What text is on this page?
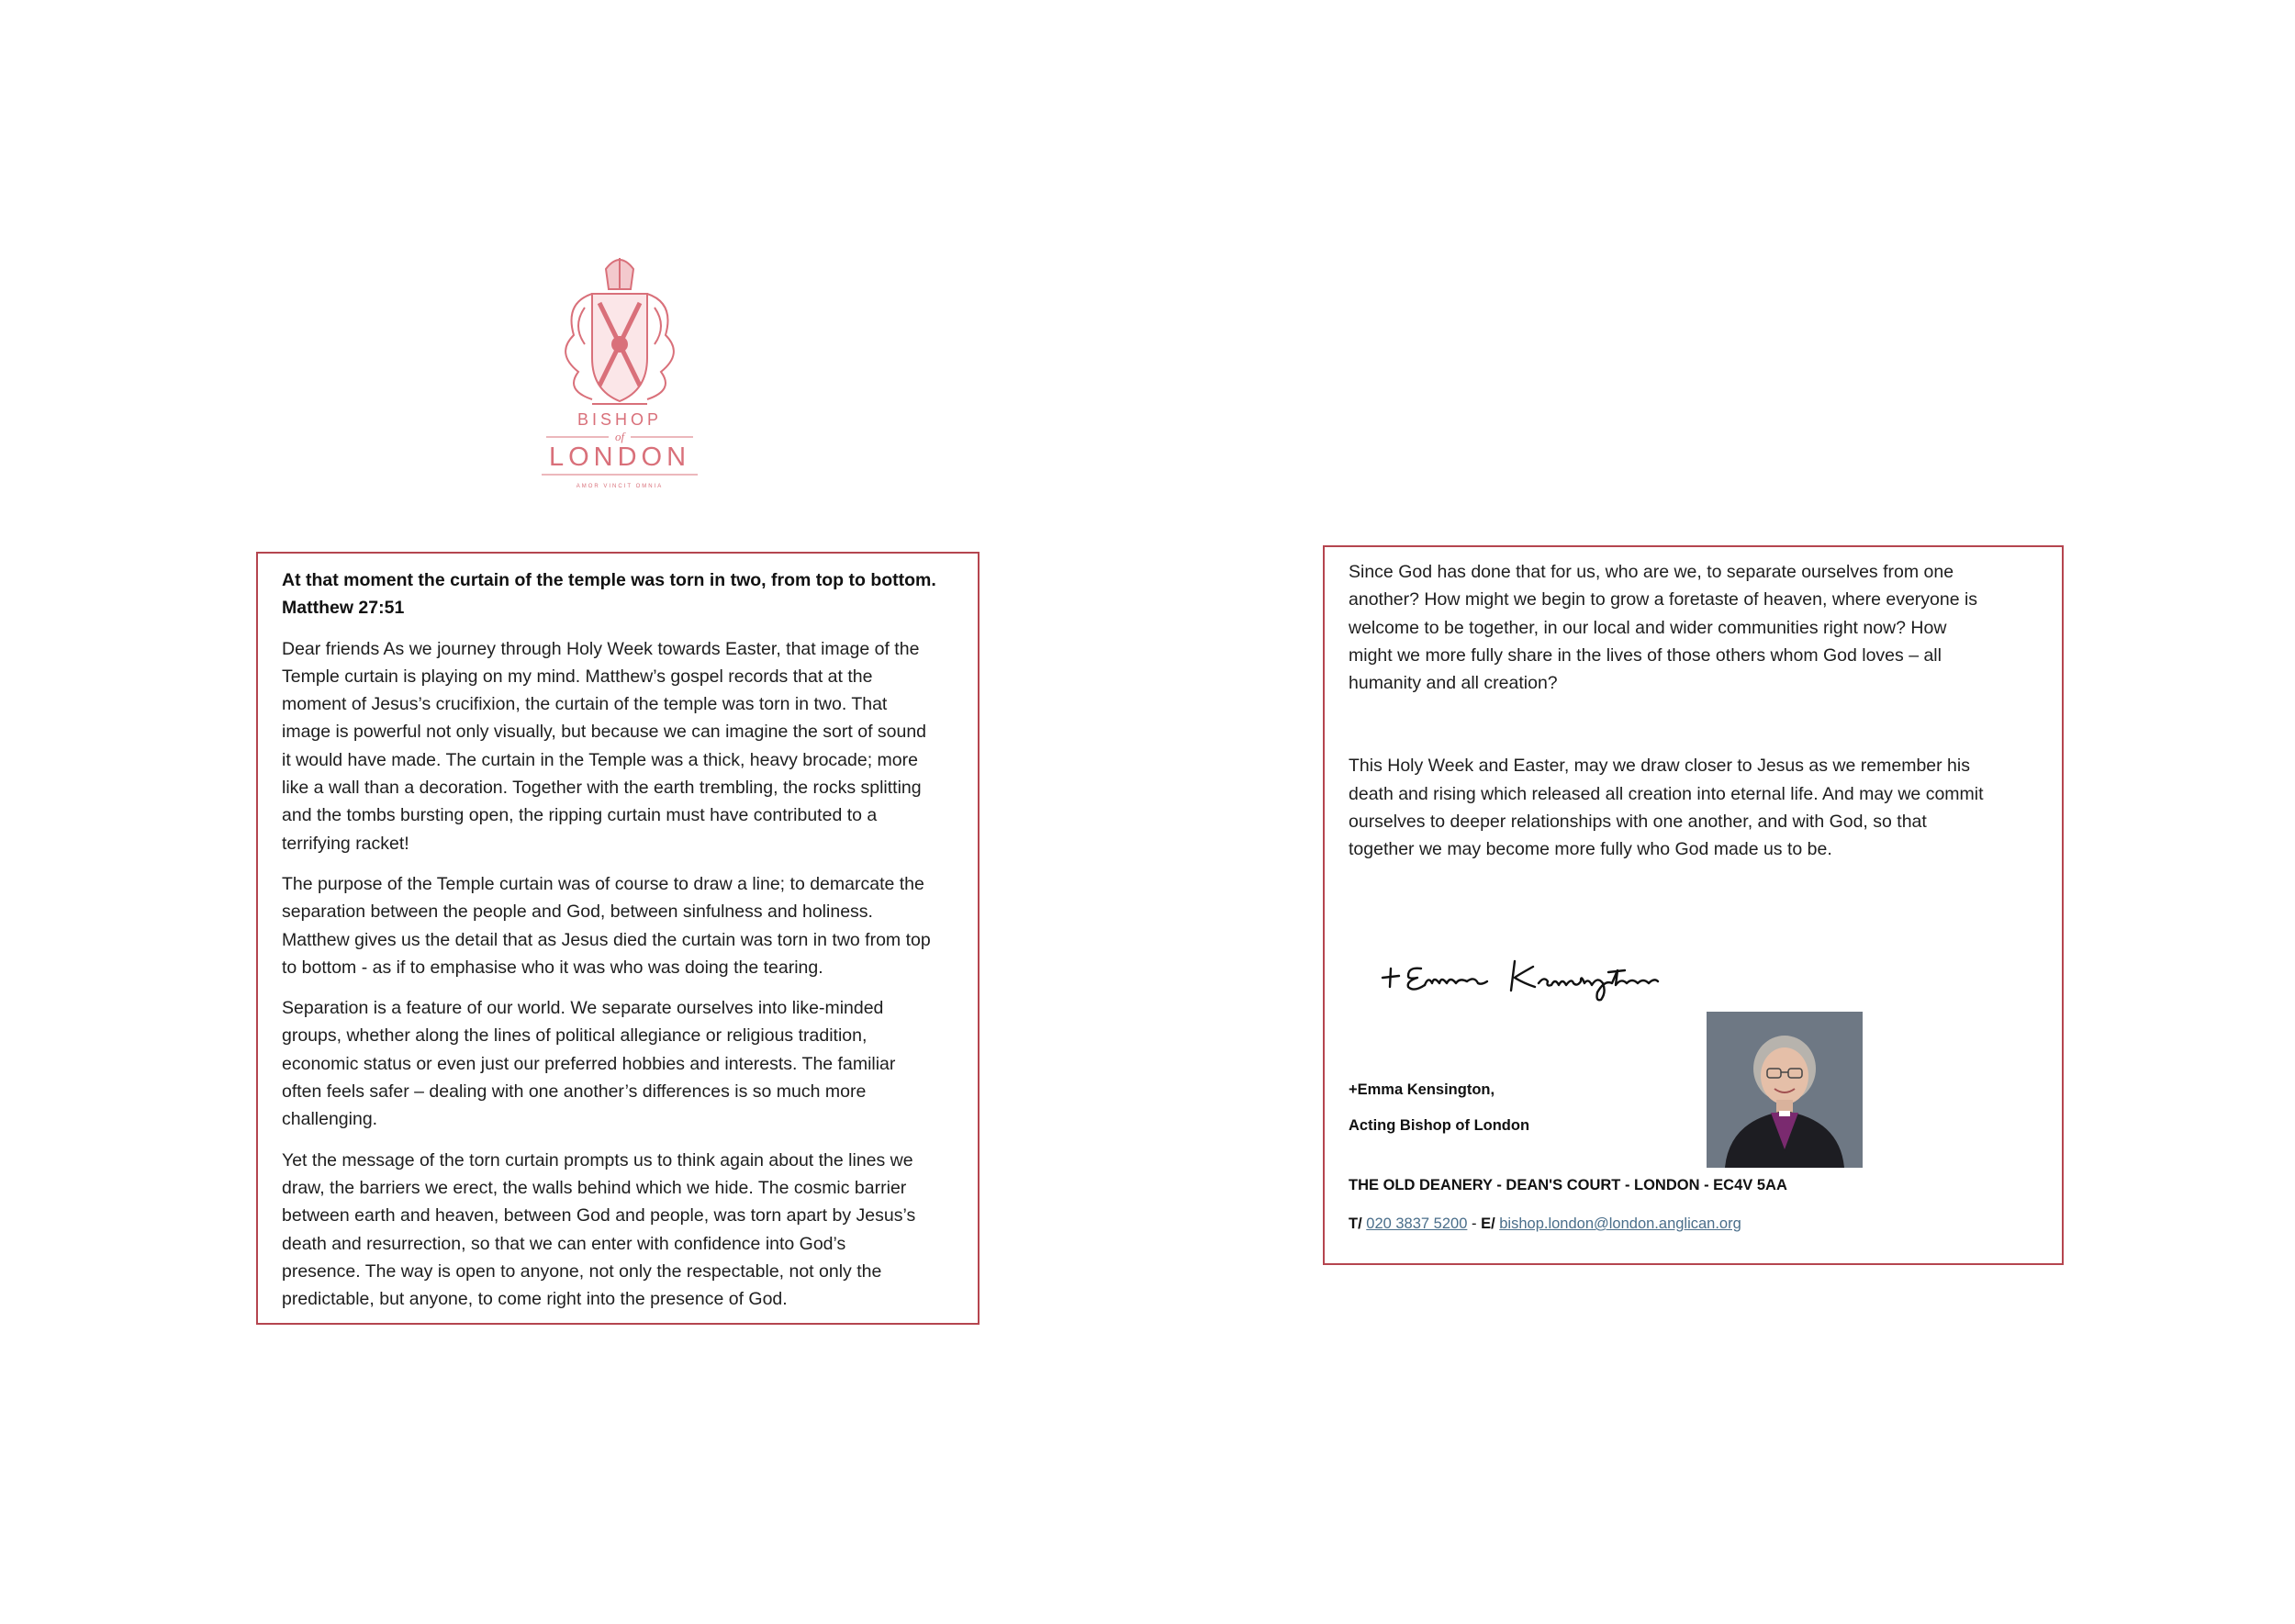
BISHOP
of
LONDON
AMOR VINCIT OMNIA

At that moment the curtain of the temple was torn in two, from top to bottom.
Matthew 27:51

Dear friends As we journey through Holy Week towards Easter, that image of the
Temple curtain is playing on my mind. Matthew’s gospel records that at the
moment of Jesus’s crucifixion, the curtain of the temple was torn in two. That
image is powerful not only visually, but because we can imagine the sort of sound
it would have made. The curtain in the Temple was a thick, heavy brocade; more
like a wall than a decoration. Together with the earth trembling, the rocks splitting
and the tombs bursting open, the ripping curtain must have contributed to a
terrifying racket!

The purpose of the Temple curtain was of course to draw a line; to demarcate the
separation between the people and God, between sinfulness and holiness.
Matthew gives us the detail that as Jesus died the curtain was torn in two from top
to bottom - as if to emphasise who it was who was doing the tearing.

Separation is a feature of our world. We separate ourselves into like-minded
groups, whether along the lines of political allegiance or religious tradition,
economic status or even just our preferred hobbies and interests. The familiar
often feels safer – dealing with one another’s differences is so much more
challenging.

Yet the message of the torn curtain prompts us to think again about the lines we
draw, the barriers we erect, the walls behind which we hide. The cosmic barrier
between earth and heaven, between God and people, was torn apart by Jesus’s
death and resurrection, so that we can enter with confidence into God’s
presence. The way is open to anyone, not only the respectable, not only the
predictable, but anyone, to come right into the presence of God.

Since God has done that for us, who are we, to separate ourselves from one
another? How might we begin to grow a foretaste of heaven, where everyone is
welcome to be together, in our local and wider communities right now? How
might we more fully share in the lives of those others whom God loves – all
humanity and all creation?

This Holy Week and Easter, may we draw closer to Jesus as we remember his
death and rising which released all creation into eternal life. And may we commit
ourselves to deeper relationships with one another, and with God, so that
together we may become more fully who God made us to be.

+Emma Kensington,
Acting Bishop of London
THE OLD DEANERY - DEAN'S COURT - LONDON - EC4V 5AA
T/ 020 3837 5200 - E/ bishop.london@london.anglican.org
